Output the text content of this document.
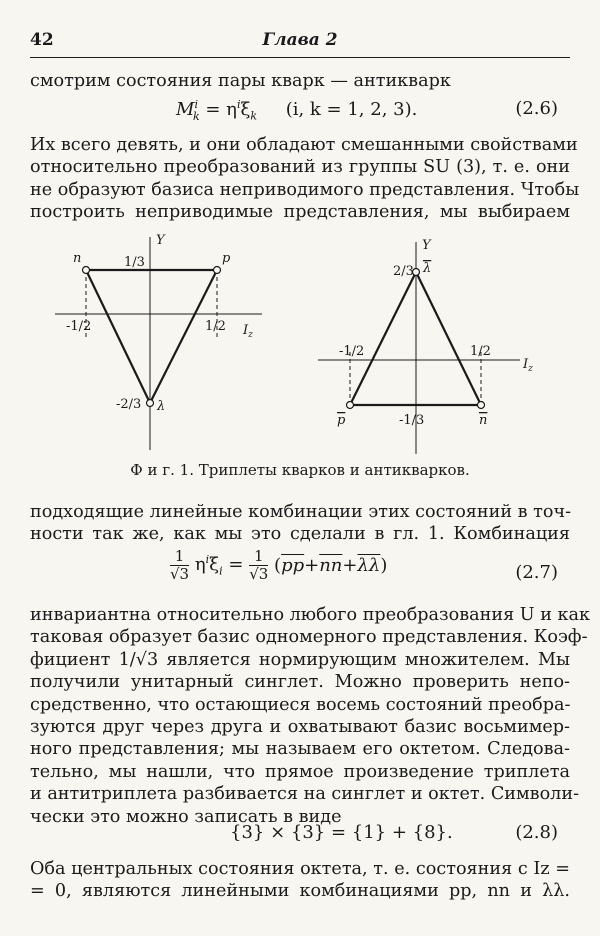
42	Глава 2
смотрим состояния пары кварк — антикварк
$M^i_k = \eta^i\xi_k$ (i, k = 1, 2, 3).	(2.6)
Их всего девять, и они обладают смешанными свойствами
относительно преобразований из группы SU (3), т. е. они
не образуют базиса неприводимого представления. Чтобы
построить неприводимые представления, мы выбираем
Y
1/3
n	p
-1/2	1/2 $I_z$
-2/3 λ
Y
2/3 λ
-1/2	1/2
$I_z$
p	-1/3	n
Ф и г. 1. Триплеты кварков и антикварков.
подходящие линейные комбинации этих состояний в точ-
ности так же, как мы это сделали в гл. 1. Комбинация
$\frac{1}{√3} \eta^i\xi_i = \frac{1}{√3} (\overline{pp}+\overline{nn}+\overline{\lambda\lambda})$	(2.7)
инвариантна относительно любого преобразования U и как
таковая образует базис одномерного представления. Коэф-
фициент 1/√3 является нормирующим множителем. Мы
получили унитарный синглет. Можно проверить непо-
средственно, что остающиеся восемь состояний преобра-
зуются друг через друга и охватывают базис восьмимер-
ного представления; мы называем его октетом. Следова-
тельно, мы нашли, что прямое произведение триплета
и антитриплета разбивается на синглет и октет. Символи-
чески это можно записать в виде
{3} × {3} = {1} + {8}.	(2.8)
Оба центральных состояния октета, т. е. состояния с Iz =
= 0, являются линейными комбинациями pp, nn и λλ.
